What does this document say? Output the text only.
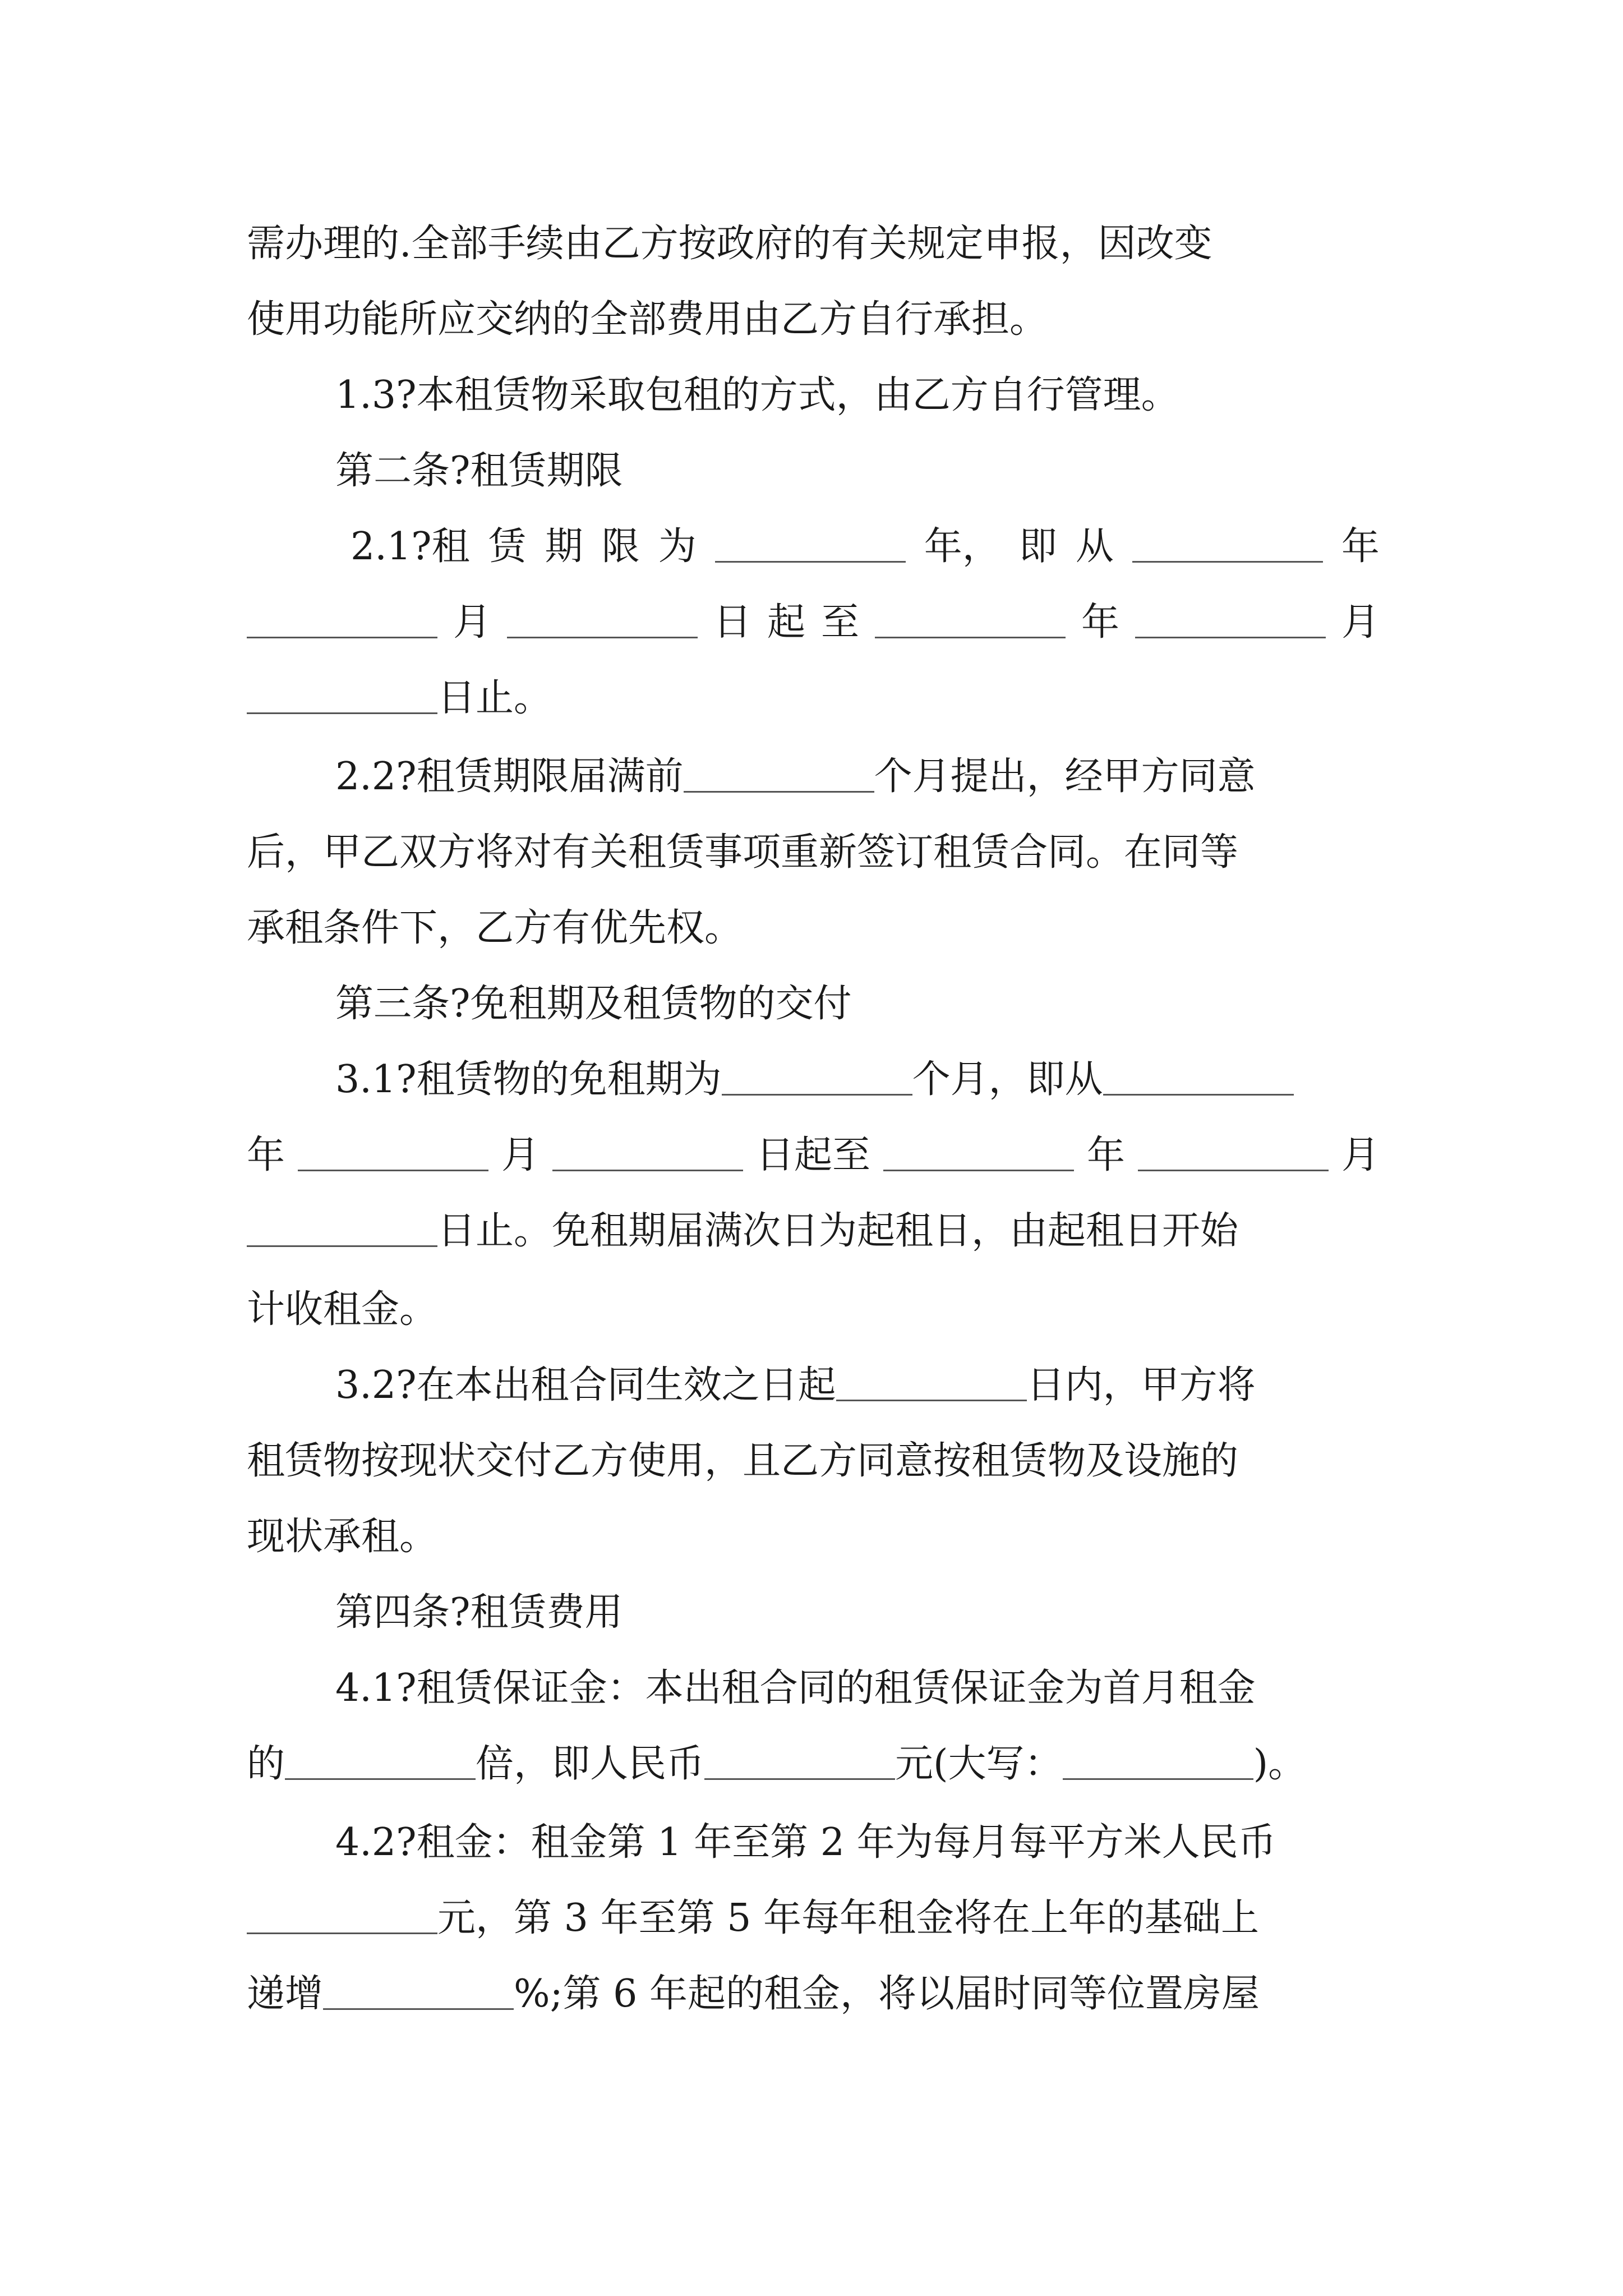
需办理的.全部手续由乙方按政府的有关规定申报，因改变
使用功能所应交纳的全部费用由乙方自行承担。
1.3?本租赁物采取包租的方式，由乙方自行管理。
第二条?租赁期限
2.1?租 赁 期 限 为	年， 即 从	年
月	日 起 至	年	月
日止。
2.2?租赁期限届满前	个月提出，经甲方同意
后，甲乙双方将对有关租赁事项重新签订租赁合同。在同等
承租条件下，乙方有优先权。
第三条?免租期及租赁物的交付
3.1?租赁物的免租期为	个月，即从
年	月	日起至	年	月
日止。免租期届满次日为起租日，由起租日开始
计收租金。
3.2?在本出租合同生效之日起	日内，甲方将
租赁物按现状交付乙方使用，且乙方同意按租赁物及设施的
现状承租。
第四条?租赁费用
4.1?租赁保证金：本出租合同的租赁保证金为首月租金
的	倍，即人民币	元(大写：	)。
4.2?租金：租金第 1 年至第 2 年为每月每平方米人民币
元，第 3 年至第 5 年每年租金将在上年的基础上
递增	%;第 6 年起的租金，将以届时同等位置房屋
